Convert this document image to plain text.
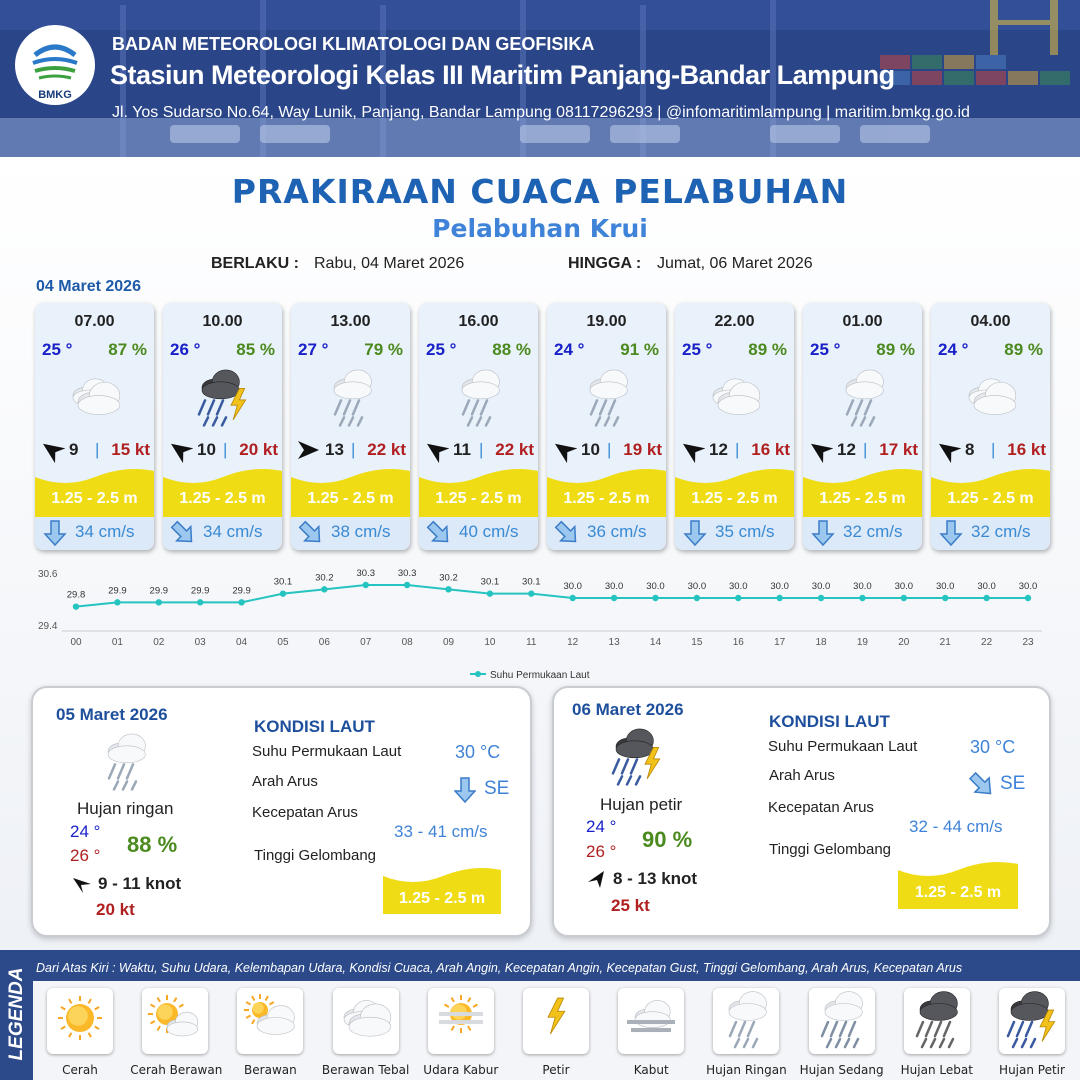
BMKG
BADAN METEOROLOGI KLIMATOLOGI DAN GEOFISIKA
Stasiun Meteorologi Kelas III Maritim Panjang-Bandar Lampung
Jl. Yos Sudarso No.64, Way Lunik, Panjang, Bandar Lampung 08117296293 | @infomaritimlampung | maritim.bmkg.go.id
PRAKIRAAN CUACA PELABUHAN
Pelabuhan Krui
BERLAKU : Rabu, 04 Maret 2026	HINGGA : Jumat, 06 Maret 2026
04 Maret 2026
07.00
25 ° 87 %
9 | 15 kt
1.25 - 2.5 m
34 cm/s
10.00
26 ° 85 %
10 | 20 kt
1.25 - 2.5 m
34 cm/s
13.00
27 ° 79 %
13 | 22 kt
1.25 - 2.5 m
38 cm/s
16.00
25 ° 88 %
11 | 22 kt
1.25 - 2.5 m
40 cm/s
19.00
24 ° 91 %
10 | 19 kt
1.25 - 2.5 m
36 cm/s
22.00
25 ° 89 %
12 | 16 kt
1.25 - 2.5 m
35 cm/s
01.00
25 ° 89 %
12 | 17 kt
1.25 - 2.5 m
32 cm/s
04.00
24 ° 89 %
8 | 16 kt
1.25 - 2.5 m
32 cm/s
30.6
29.4
29.8
00
29.9
01
29.9
02
29.9
03
29.9
04
30.1
05
30.2
06
30.3
07
30.3
08
30.2
09
30.1
10
30.1
11
30.0
12
30.0
13
30.0
14
30.0
15
30.0
16
30.0
17
30.0
18
30.0
19
30.0
20
30.0
21
30.0
22
30.0
23
Suhu Permukaan Laut
05 Maret 2026
Hujan ringan
24 °
26 ° 88 %
9 - 11 knot
20 kt
KONDISI LAUT
Suhu Permukaan Laut	30 °C
Arah Arus	SE
Kecepatan Arus
33 - 41 cm/s
Tinggi Gelombang
1.25 - 2.5 m
06 Maret 2026
Hujan petir
24 °
26 ° 90 %
8 - 13 knot
25 kt
KONDISI LAUT
Suhu Permukaan Laut	30 °C
Arah Arus	SE
Kecepatan Arus
32 - 44 cm/s
Tinggi Gelombang
1.25 - 2.5 m
LEGENDA Dari Atas Kiri : Waktu, Suhu Udara, Kelembapan Udara, Kondisi Cuaca, Arah Angin, Kecepatan Angin, Kecepatan Gust, Tinggi Gelombang, Arah Arus, Kecepatan Arus
Cerah	Cerah Berawan	Berawan	Berawan Tebal	Udara Kabur	Petir	Kabut	Hujan Ringan	Hujan Sedang	Hujan Lebat	Hujan Petir
